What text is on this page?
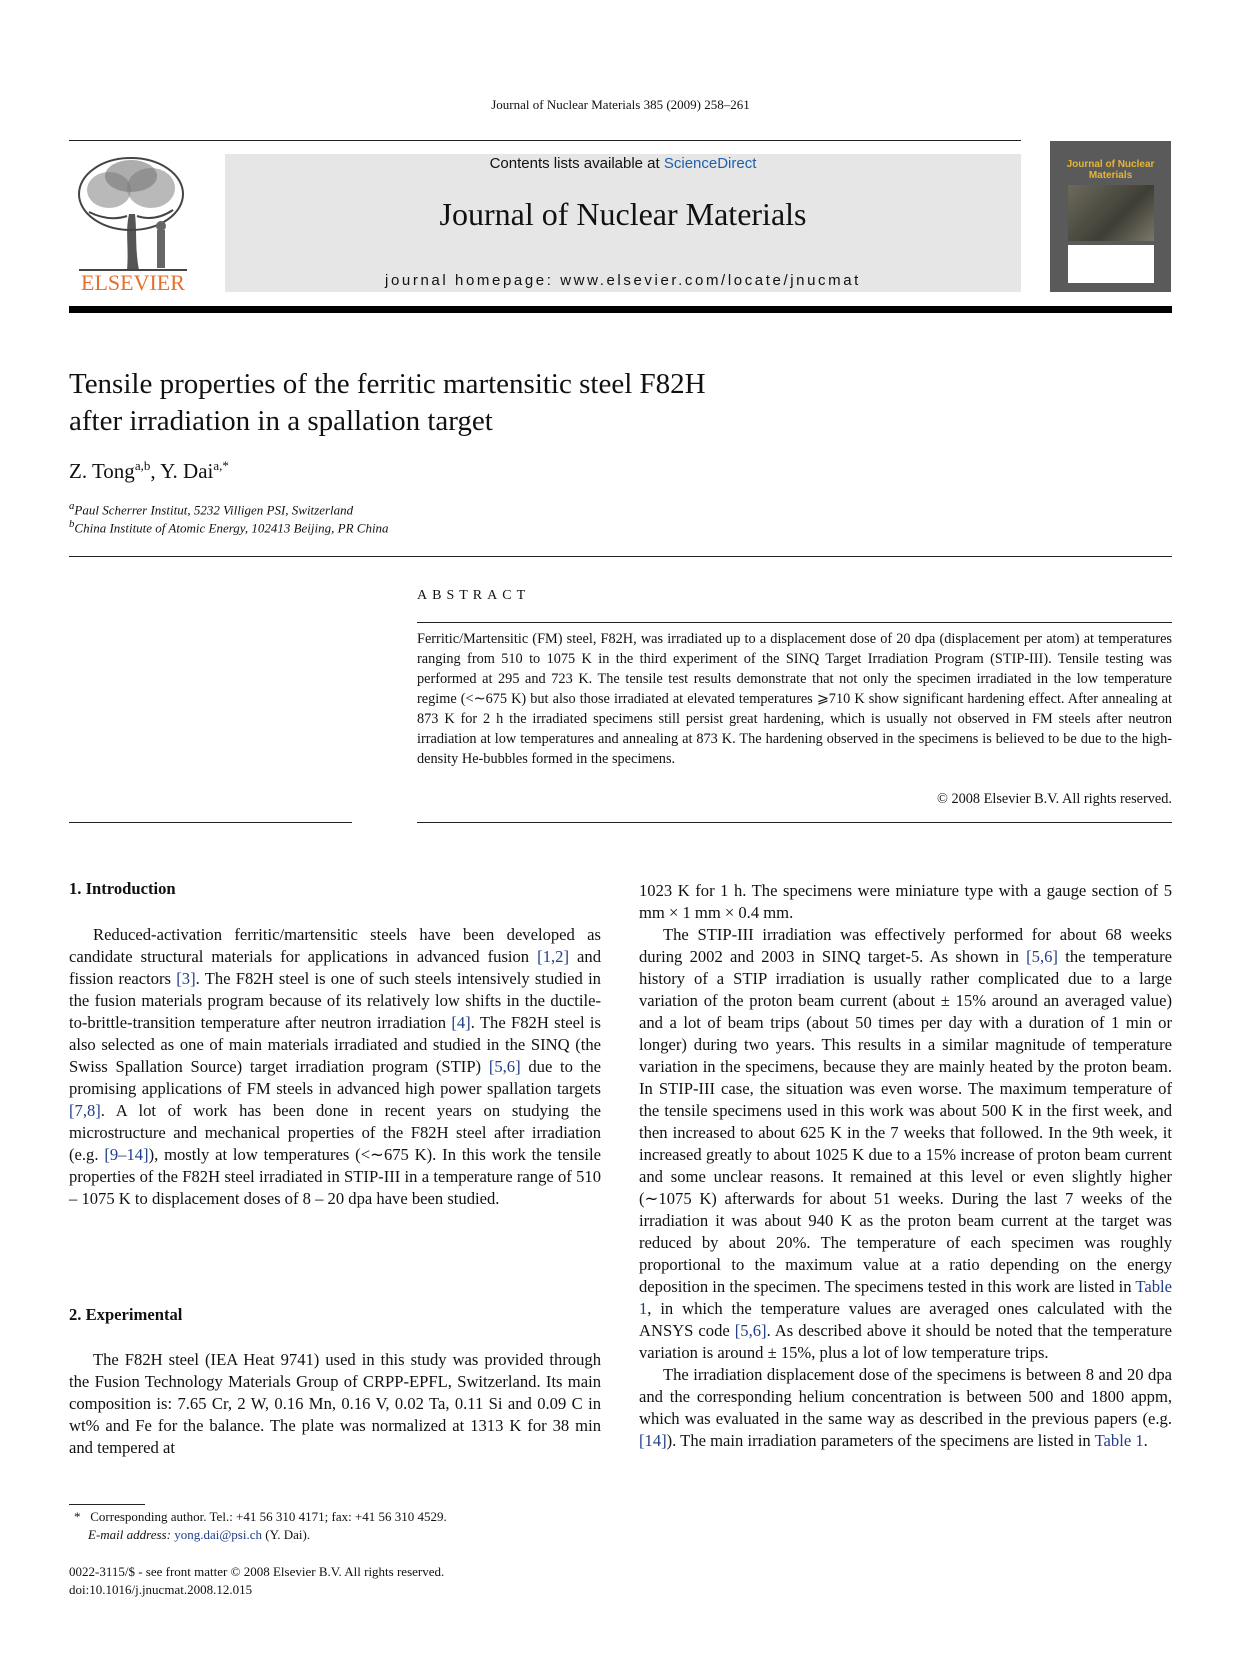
Journal of Nuclear Materials 385 (2009) 258–261
ELSEVIER
Contents lists available at ScienceDirect
Journal of Nuclear Materials
journal homepage: www.elsevier.com/locate/jnucmat
Journal of Nuclear Materials
Tensile properties of the ferritic martensitic steel F82H
after irradiation in a spallation target
Z. Tong$^{a,b}$, Y. Dai$^{a,*}$
$^a$Paul Scherrer Institut, 5232 Villigen PSI, Switzerland
$^b$China Institute of Atomic Energy, 102413 Beijing, PR China
ABSTRACT
Ferritic/Martensitic (FM) steel, F82H, was irradiated up to a displacement dose of 20 dpa (displacement per atom) at temperatures ranging from 510 to 1075 K in the third experiment of the SINQ Target Irradiation Program (STIP-III). Tensile testing was performed at 295 and 723 K. The tensile test results demonstrate that not only the specimen irradiated in the low temperature regime (<∼675 K) but also those irradiated at elevated temperatures ⩾710 K show significant hardening effect. After annealing at 873 K for 2 h the irradiated specimens still persist great hardening, which is usually not observed in FM steels after neutron irradiation at low temperatures and annealing at 873 K. The hardening observed in the specimens is believed to be due to the high-density He-bubbles formed in the specimens.
© 2008 Elsevier B.V. All rights reserved.
1. Introduction

Reduced-activation ferritic/martensitic steels have been developed as candidate structural materials for applications in advanced fusion [1,2] and fission reactors [3]. The F82H steel is one of such steels intensively studied in the fusion materials program because of its relatively low shifts in the ductile-to-brittle-transition temperature after neutron irradiation [4]. The F82H steel is also selected as one of main materials irradiated and studied in the SINQ (the Swiss Spallation Source) target irradiation program (STIP) [5,6] due to the promising applications of FM steels in advanced high power spallation targets [7,8]. A lot of work has been done in recent years on studying the microstructure and mechanical properties of the F82H steel after irradiation (e.g. [9–14]), mostly at low temperatures (<∼675 K). In this work the tensile properties of the F82H steel irradiated in STIP-III in a temperature range of 510 – 1075 K to displacement doses of 8 – 20 dpa have been studied.

2. Experimental

The F82H steel (IEA Heat 9741) used in this study was provided through the Fusion Technology Materials Group of CRPP-EPFL, Switzerland. Its main composition is: 7.65 Cr, 2 W, 0.16 Mn, 0.16 V, 0.02 Ta, 0.11 Si and 0.09 C in wt% and Fe for the balance. The plate was normalized at 1313 K for 38 min and tempered at

1023 K for 1 h. The specimens were miniature type with a gauge section of 5 mm × 1 mm × 0.4 mm.

The STIP-III irradiation was effectively performed for about 68 weeks during 2002 and 2003 in SINQ target-5. As shown in [5,6] the temperature history of a STIP irradiation is usually rather complicated due to a large variation of the proton beam current (about ± 15% around an averaged value) and a lot of beam trips (about 50 times per day with a duration of 1 min or longer) during two years. This results in a similar magnitude of temperature variation in the specimens, because they are mainly heated by the proton beam. In STIP-III case, the situation was even worse. The maximum temperature of the tensile specimens used in this work was about 500 K in the first week, and then increased to about 625 K in the 7 weeks that followed. In the 9th week, it increased greatly to about 1025 K due to a 15% increase of proton beam current and some unclear reasons. It remained at this level or even slightly higher (∼1075 K) afterwards for about 51 weeks. During the last 7 weeks of the irradiation it was about 940 K as the proton beam current at the target was reduced by about 20%. The temperature of each specimen was roughly proportional to the maximum value at a ratio depending on the energy deposition in the specimen. The specimens tested in this work are listed in Table 1, in which the temperature values are averaged ones calculated with the ANSYS code [5,6]. As described above it should be noted that the temperature variation is around ± 15%, plus a lot of low temperature trips.

The irradiation displacement dose of the specimens is between 8 and 20 dpa and the corresponding helium concentration is between 500 and 1800 appm, which was evaluated in the same way as described in the previous papers (e.g. [14]). The main irradiation parameters of the specimens are listed in Table 1.

* Corresponding author. Tel.: +41 56 310 4171; fax: +41 56 310 4529.
E-mail address: yong.dai@psi.ch (Y. Dai).
0022-3115/$ - see front matter © 2008 Elsevier B.V. All rights reserved.
doi:10.1016/j.jnucmat.2008.12.015
